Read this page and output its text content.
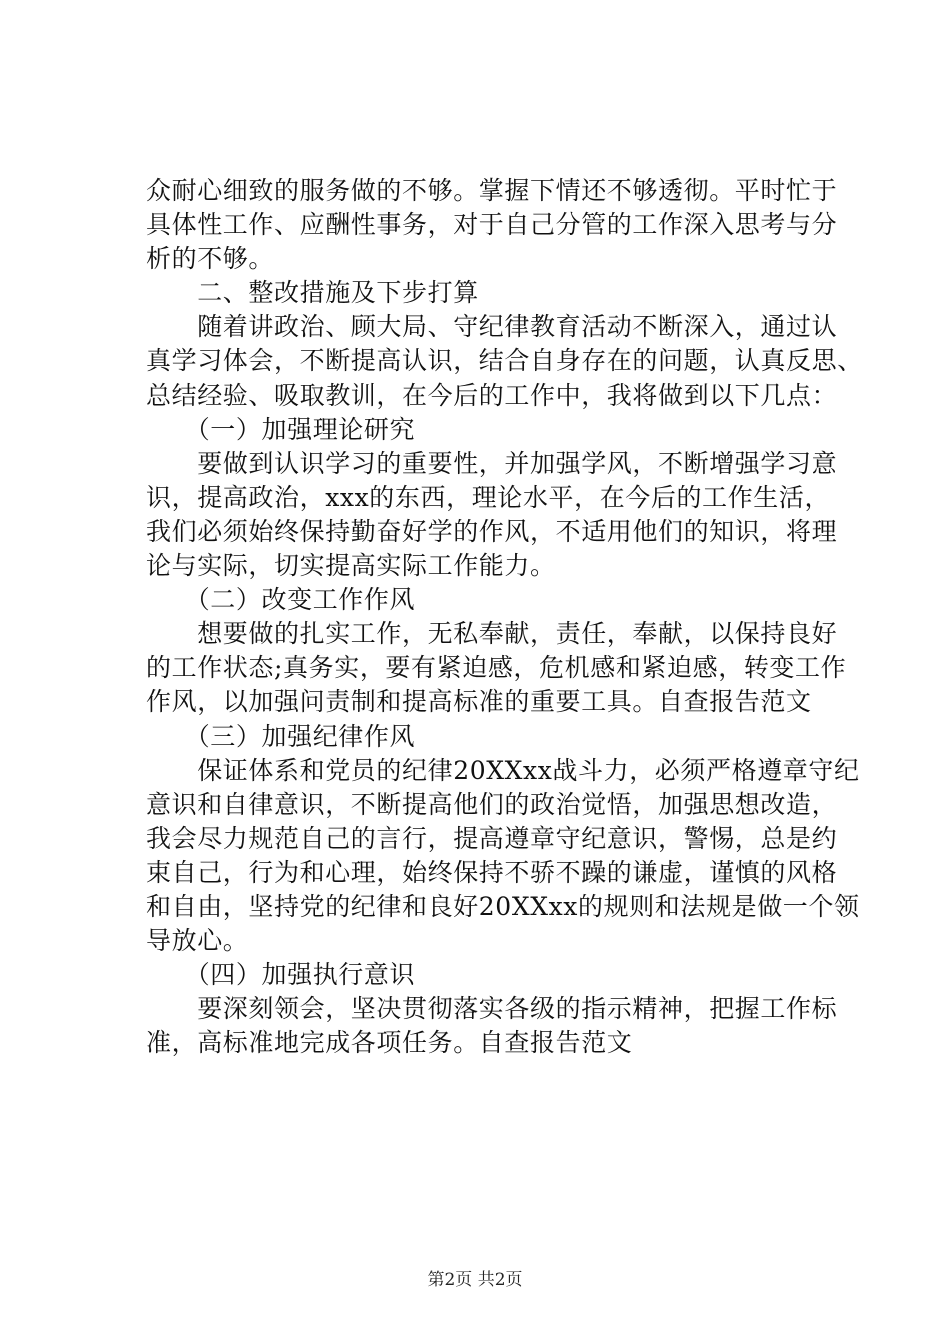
众耐心细致的服务做的不够。掌握下情还不够透彻。平时忙于
具体性工作、应酬性事务，对于自己分管的工作深入思考与分
析的不够。
　　二、整改措施及下步打算
　　随着讲政治、顾大局、守纪律教育活动不断深入，通过认
真学习体会，不断提高认识，结合自身存在的问题，认真反思、
总结经验、吸取教训，在今后的工作中，我将做到以下几点：
　　（一）加强理论研究
　　要做到认识学习的重要性，并加强学风，不断增强学习意
识，提高政治，xxx的东西，理论水平，在今后的工作生活，
我们必须始终保持勤奋好学的作风，不适用他们的知识，将理
论与实际，切实提高实际工作能力。
　　（二）改变工作作风
　　想要做的扎实工作，无私奉献，责任，奉献，以保持良好
的工作状态;真务实，要有紧迫感，危机感和紧迫感，转变工作
作风，以加强问责制和提高标准的重要工具。自查报告范文
　　（三）加强纪律作风
　　保证体系和党员的纪律20XXxx战斗力，必须严格遵章守纪
意识和自律意识，不断提高他们的政治觉悟，加强思想改造，
我会尽力规范自己的言行，提高遵章守纪意识，警惕，总是约
束自己，行为和心理，始终保持不骄不躁的谦虚，谨慎的风格
和自由，坚持党的纪律和良好20XXxx的规则和法规是做一个领
导放心。
　　（四）加强执行意识
　　要深刻领会，坚决贯彻落实各级的指示精神，把握工作标
准，高标准地完成各项任务。自查报告范文
第2页 共2页
